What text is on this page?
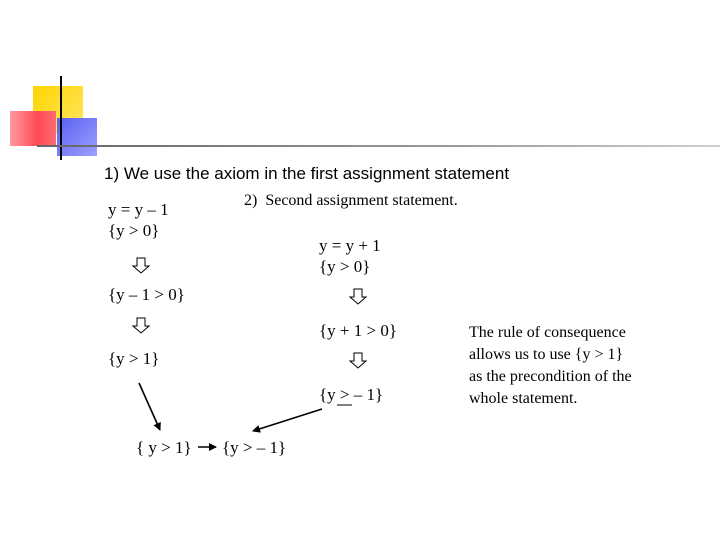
1) We use the axiom in the first assignment statement
y = y – 1
{y > 0}
{y – 1 > 0}
{y > 1}
2)  Second assignment statement.
y = y + 1
{y > 0}
{y + 1 > 0}
{y > – 1}
{ y > 1} {y > – 1}
The rule of consequence
allows us to use {y > 1}
as the precondition of the
whole statement.
